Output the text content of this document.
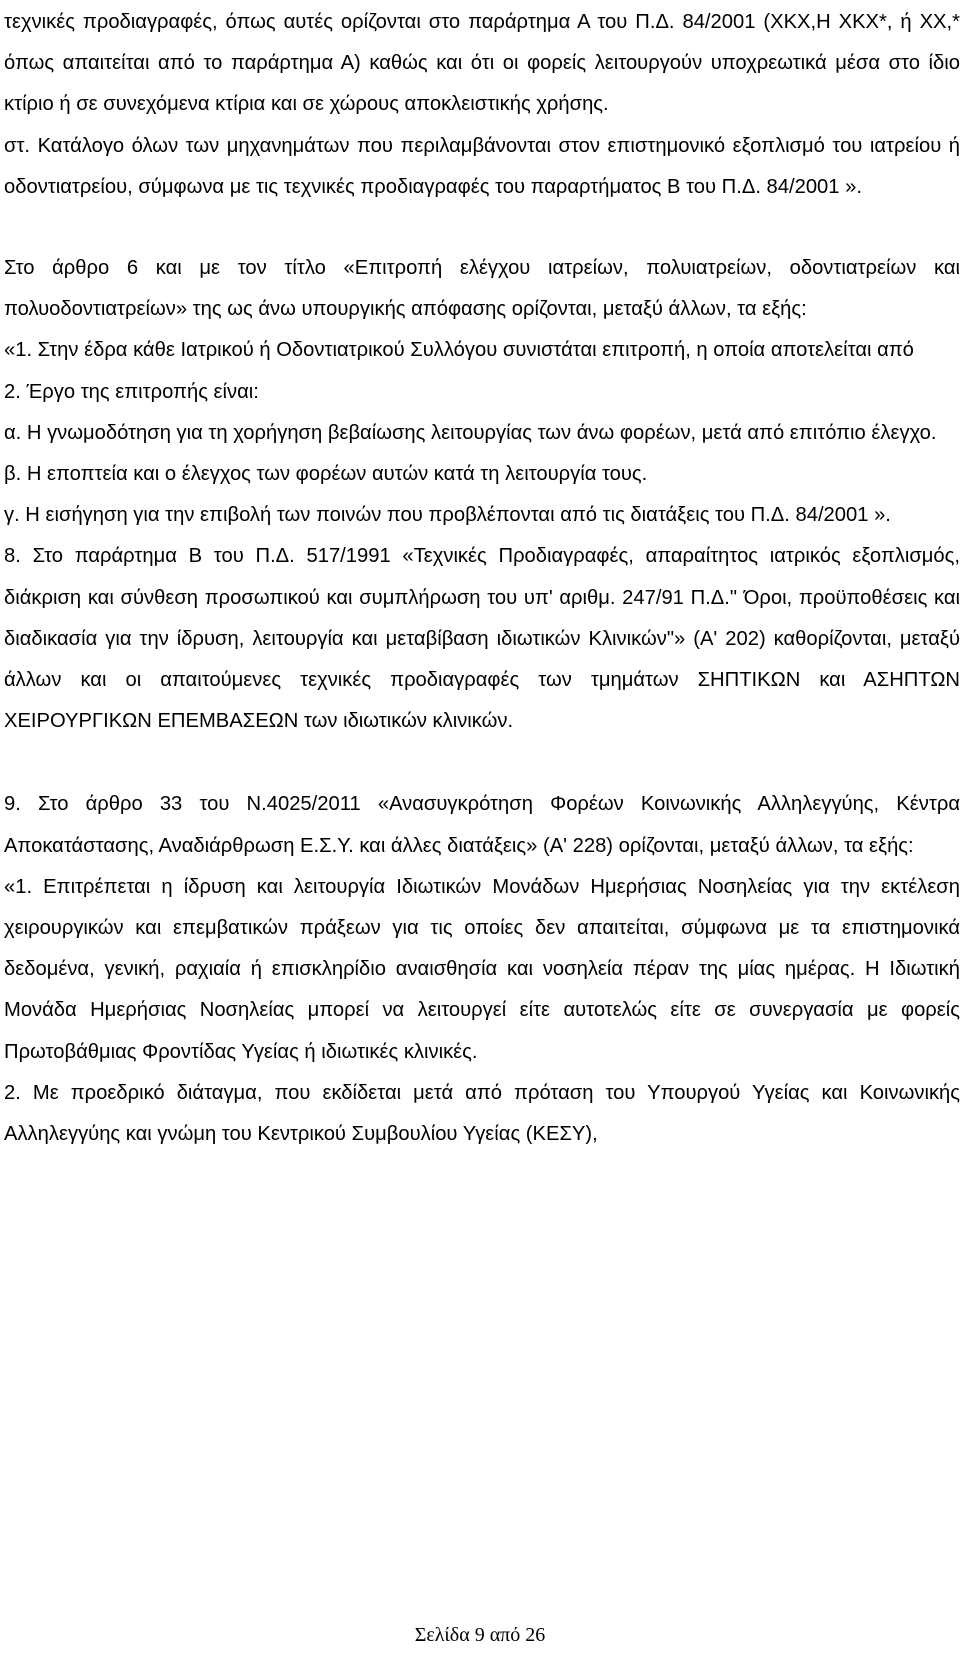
τεχνικές προδιαγραφές, όπως αυτές ορίζονται στο παράρτημα Α του Π.Δ. 84/2001 (ΧΚΧ,Η ΧΚΧ*, ή ΧΧ,* όπως απαιτείται από το παράρτημα Α) καθώς και ότι οι φορείς λειτουργούν υποχρεωτικά μέσα στο ίδιο κτίριο ή σε συνεχόμενα κτίρια και σε χώρους αποκλειστικής χρήσης.

στ. Κατάλογο όλων των μηχανημάτων που περιλαμβάνονται στον επιστημονικό εξοπλισμό του ιατρείου ή οδοντιατρείου, σύμφωνα με τις τεχνικές προδιαγραφές του παραρτήματος Β του Π.Δ. 84/2001 ».

Στο άρθρο 6 και με τον τίτλο «Επιτροπή ελέγχου ιατρείων, πολυιατρείων, οδοντιατρείων και πολυοδοντιατρείων» της ως άνω υπουργικής απόφασης ορίζονται, μεταξύ άλλων, τα εξής:

«1. Στην έδρα κάθε Ιατρικού ή Οδοντιατρικού Συλλόγου συνιστάται επιτροπή, η οποία αποτελείται από

2. Έργο της επιτροπής είναι:

α. Η γνωμοδότηση για τη χορήγηση βεβαίωσης λειτουργίας των άνω φορέων, μετά από επιτόπιο έλεγχο.

β. Η εποπτεία και ο έλεγχος των φορέων αυτών κατά τη λειτουργία τους.

γ. Η εισήγηση για την επιβολή των ποινών που προβλέπονται από τις διατάξεις του Π.Δ. 84/2001 ».

8. Στο παράρτημα Β του Π.Δ. 517/1991 «Τεχνικές Προδιαγραφές, απαραίτητος ιατρικός εξοπλισμός, διάκριση και σύνθεση προσωπικού και συμπλήρωση του υπ' αριθμ. 247/91 Π.Δ." Όροι, προϋποθέσεις και διαδικασία για την ίδρυση, λειτουργία και μεταβίβαση ιδιωτικών Κλινικών"» (Α' 202) καθορίζονται, μεταξύ άλλων και οι απαιτούμενες τεχνικές προδιαγραφές των τμημάτων ΣΗΠΤΙΚΩΝ και ΑΣΗΠΤΩΝ ΧΕΙΡΟΥΡΓΙΚΩΝ ΕΠΕΜΒΑΣΕΩΝ των ιδιωτικών κλινικών.

9. Στο άρθρο 33 του Ν.4025/2011 «Ανασυγκρότηση Φορέων Κοινωνικής Αλληλεγγύης, Κέντρα Αποκατάστασης, Αναδιάρθρωση Ε.Σ.Υ. και άλλες διατάξεις» (Α' 228) ορίζονται, μεταξύ άλλων, τα εξής:

«1. Επιτρέπεται η ίδρυση και λειτουργία Ιδιωτικών Μονάδων Ημερήσιας Νοσηλείας για την εκτέλεση χειρουργικών και επεμβατικών πράξεων για τις οποίες δεν απαιτείται, σύμφωνα με τα επιστημονικά δεδομένα, γενική, ραχιαία ή επισκληρίδιο αναισθησία και νοσηλεία πέραν της μίας ημέρας. Η Ιδιωτική Μονάδα Ημερήσιας Νοσηλείας μπορεί να λειτουργεί είτε αυτοτελώς είτε σε συνεργασία με φορείς Πρωτοβάθμιας Φροντίδας Υγείας ή ιδιωτικές κλινικές.

2. Με προεδρικό διάταγμα, που εκδίδεται μετά από πρόταση του Υπουργού Υγείας και Κοινωνικής Αλληλεγγύης και γνώμη του Κεντρικού Συμβουλίου Υγείας (ΚΕΣΥ),

Σελίδα 9 από 26
